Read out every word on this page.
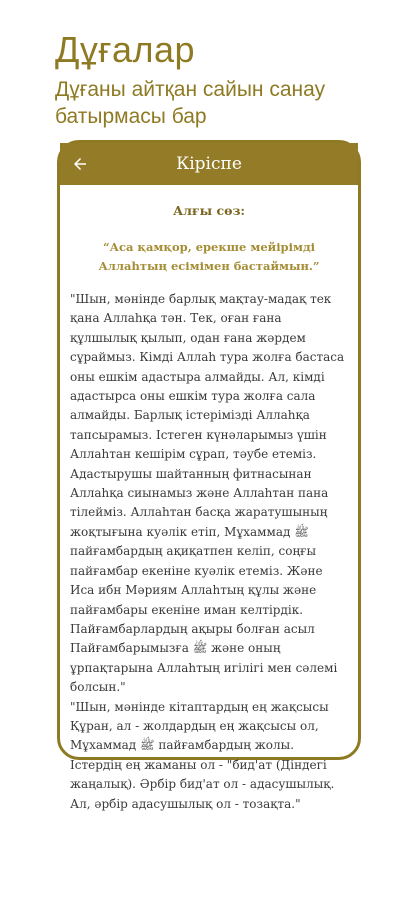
Дұғалар
Дұғаны айтқан сайын санау батырмасы бар
Кіріспе
Алғы сөз:
“Аса қамқор, ерекше мейірімді
Аллаһтың есімімен бастаймын.”
"Шын, мәнінде барлық мақтау-мадақ тек
қана Аллаһқа тән. Тек, оған ғана
құлшылық қылып, одан ғана жәрдем
сұраймыз. Кімді Аллаһ тура жолға бастаса
оны ешкім адастыра алмайды. Ал, кімді
адастырса оны ешкім тура жолға сала
алмайды. Барлық істерімізді Аллаһқа
тапсырамыз. Істеген күнәларымыз үшін
Аллаһтан кешірім сұрап, тәубе етеміз.
Адастырушы шайтанның фитнасынан
Аллаһқа сиынамыз және Аллаһтан пана
тілейміз. Аллаһтан басқа жаратушының
жоқтығына куәлік етіп, Мұхаммад ﷺ
пайғамбардың ақиқатпен келіп, соңғы
пайғамбар екеніне куәлік етеміз. Және
Иса ибн Мәриям Аллаһтың құлы және
пайғамбары екеніне иман келтірдік.
Пайғамбарлардың ақыры болған асыл
Пайғамбарымызға ﷺ және оның
ұрпақтарына Аллаһтың игілігі мен сәлемі
болсын."
"Шын, мәнінде кітаптардың ең жақсысы
Құран, ал - жолдардың ең жақсысы ол,
Мұхаммад ﷺ пайғамбардың жолы.
Істердің ең жаманы ол - "бид'ат (Діндегі
жаңалық). Әрбір бид'ат ол - адасушылық.
Ал, әрбір адасушылық ол - тозақта."
